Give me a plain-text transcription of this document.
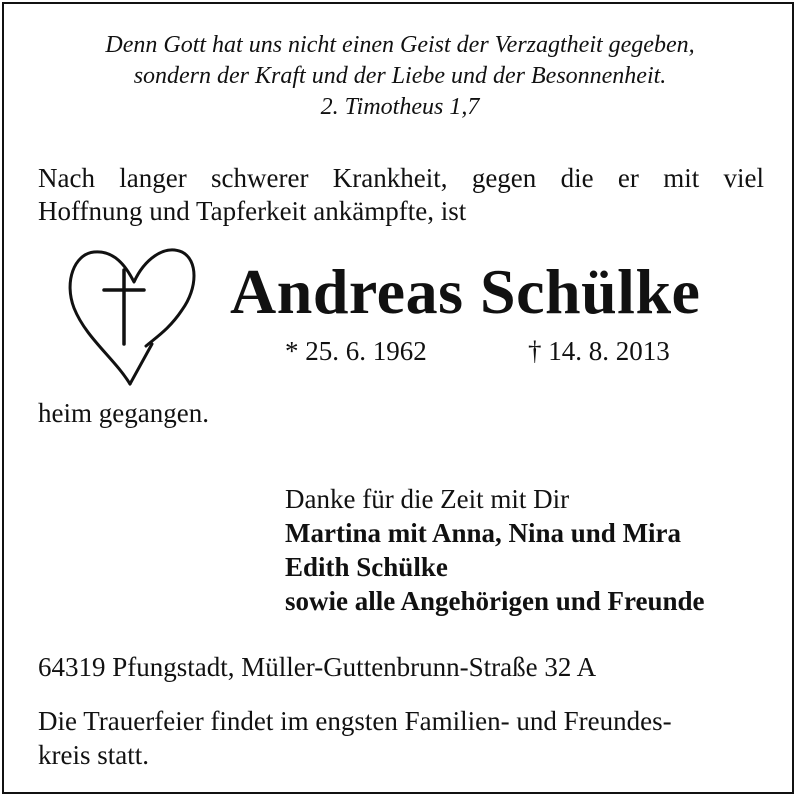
Denn Gott hat uns nicht einen Geist der Verzagtheit gegeben,
sondern der Kraft und der Liebe und der Besonnenheit.
2. Timotheus 1,7
Nach langer schwerer Krankheit, gegen die er mit viel
Hoffnung und Tapferkeit ankämpfte, ist
Andreas Schülke
* 25. 6. 1962	† 14. 8. 2013
heim gegangen.
Danke für die Zeit mit Dir
Martina mit Anna, Nina und Mira
Edith Schülke
sowie alle Angehörigen und Freunde
64319 Pfungstadt, Müller-Guttenbrunn-Straße 32 A
Die Trauerfeier findet im engsten Familien- und Freundes-
kreis statt.
